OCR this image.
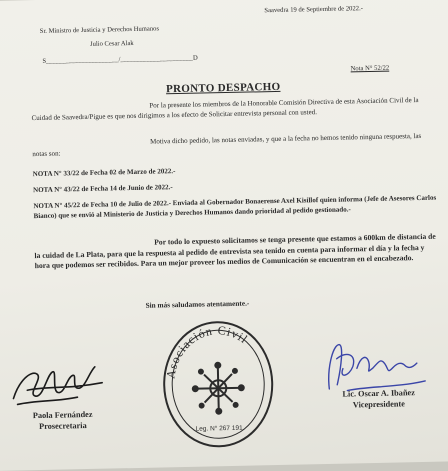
Saavedra 19 de Septiembre de 2022.-
Sr. Ministro de Justicia y Derechos Humanos
Julio Cesar Alak
S______________________/______________________D
Nota N° 52/22
PRONTO DESPACHO
Por la presente los miembros de la Honorable Comisión Directiva de esta Asociación Civil de la Cuidad de Saavedra/Pigue es que nos dirigimos a los efecto de Solicitar entrevista personal con usted.
Motiva dicho pedido, las notas enviadas, y que a la fecha no hemos tenido ninguna respuesta, las notas son:
NOTA N° 33/22 de Fecha 02 de Marzo de 2022.-
NOTA N° 43/22 de Fecha 14 de Junio de 2022.-
NOTA N° 45/22 de Fecha 10 de Julio de 2022.- Enviada al Gobernador Bonaerense Axel Kisillof quien informa (Jefe de Asesores Carlos Bianco) que se envió al Ministerio de Justicia y Derechos Humanos dando prioridad al pedido gestionado.-
Por todo lo expuesto solicitamos se tenga presente que estamos a 600km de distancia de la cuidad de La Plata, para que la respuesta al pedido de entrevista sea tenido en cuenta para informar el día y la fecha y hora que podemos ser recibidos. Para un mejor proveer los medios de Comunicación se encuentran en el encabezado.
Sin más saludamos atentamente.-
Paola Fernández
Prosecretaria
Lic. Oscar A. Ibañez
Vicepresidente
Asociación Civil
Leg. N° 267 191
